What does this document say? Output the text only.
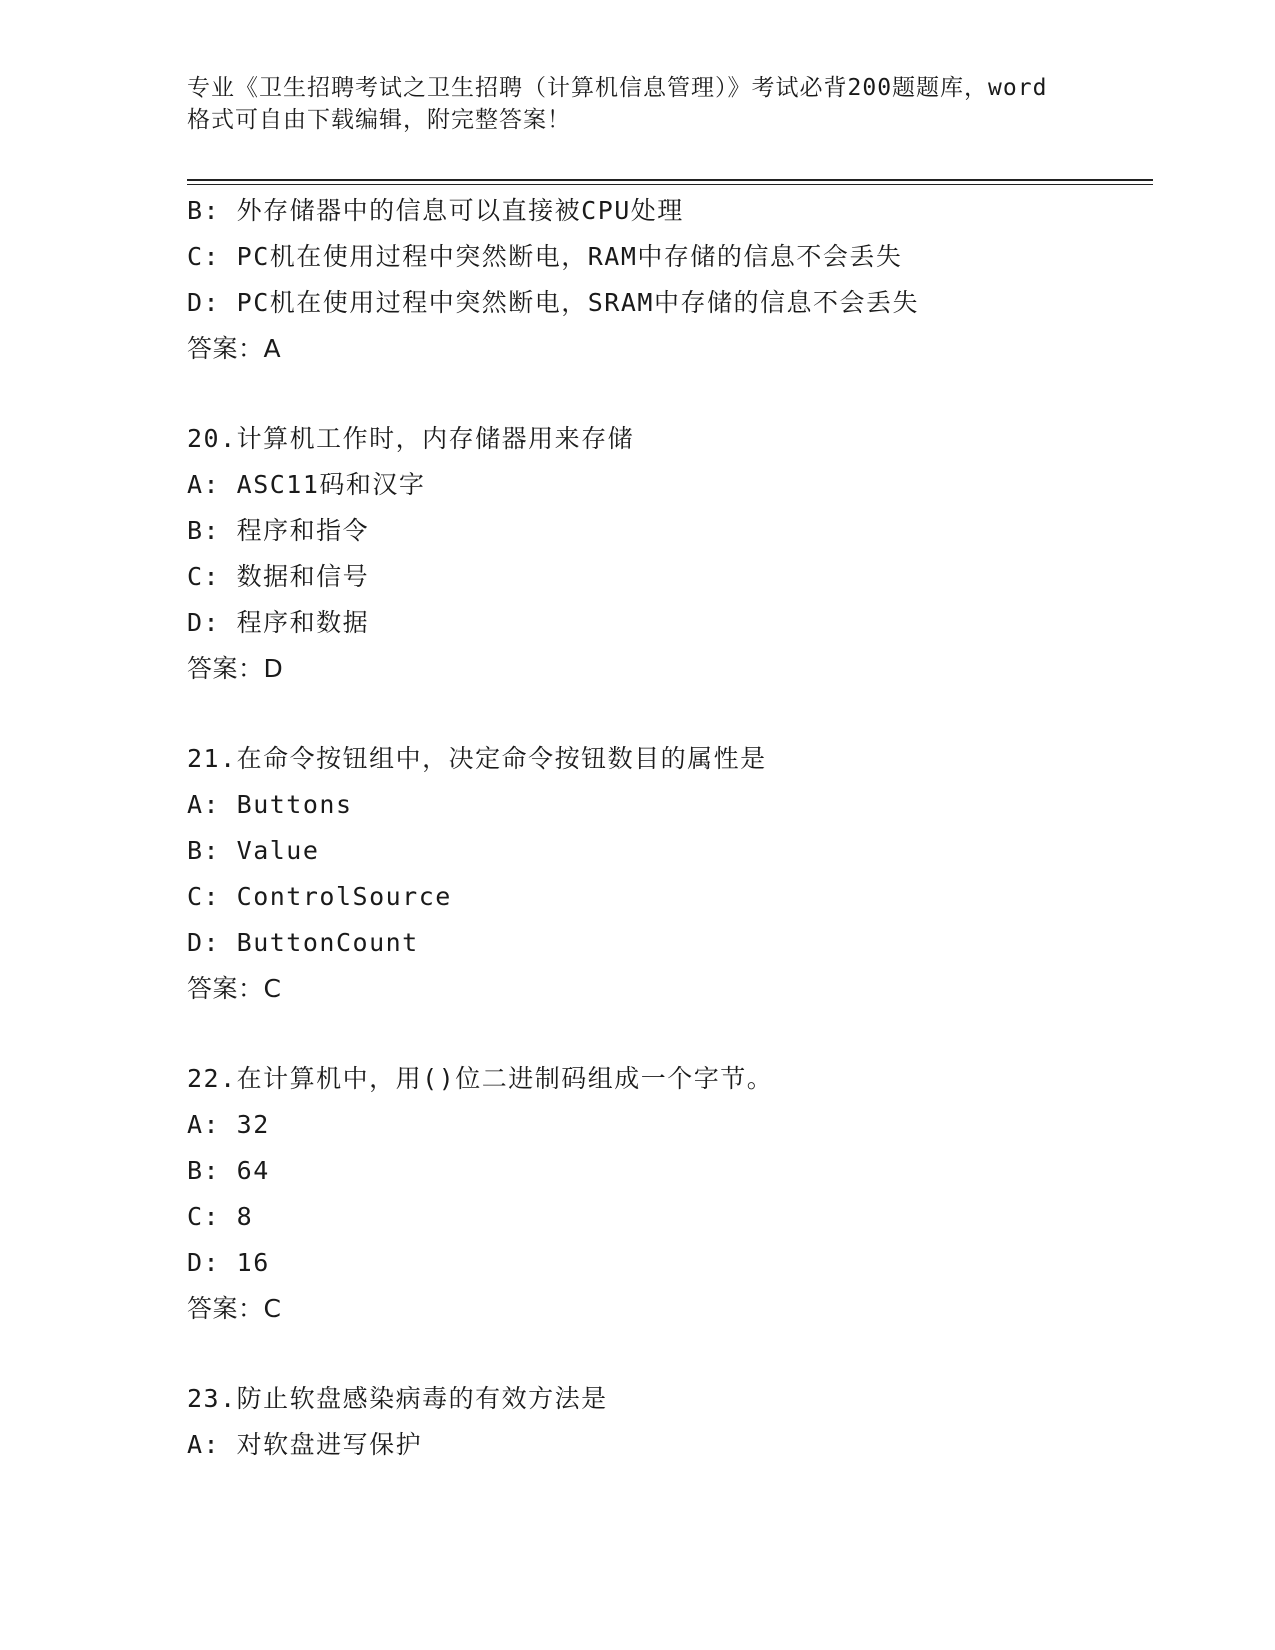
专业《卫生招聘考试之卫生招聘（计算机信息管理）》考试必背200题题库，word
格式可自由下载编辑，附完整答案！
B: 外存储器中的信息可以直接被CPU处理
C: PC机在使用过程中突然断电，RAM中存储的信息不会丢失
D: PC机在使用过程中突然断电，SRAM中存储的信息不会丢失
答案：A
20.计算机工作时，内存储器用来存储
A: ASC11码和汉字
B: 程序和指令
C: 数据和信号
D: 程序和数据
答案：D
21.在命令按钮组中，决定命令按钮数目的属性是
A: Buttons
B: Value
C: ControlSource
D: ButtonCount
答案：C
22.在计算机中，用()位二进制码组成一个字节。
A: 32
B: 64
C: 8
D: 16
答案：C
23.防止软盘感染病毒的有效方法是
A: 对软盘进写保护
